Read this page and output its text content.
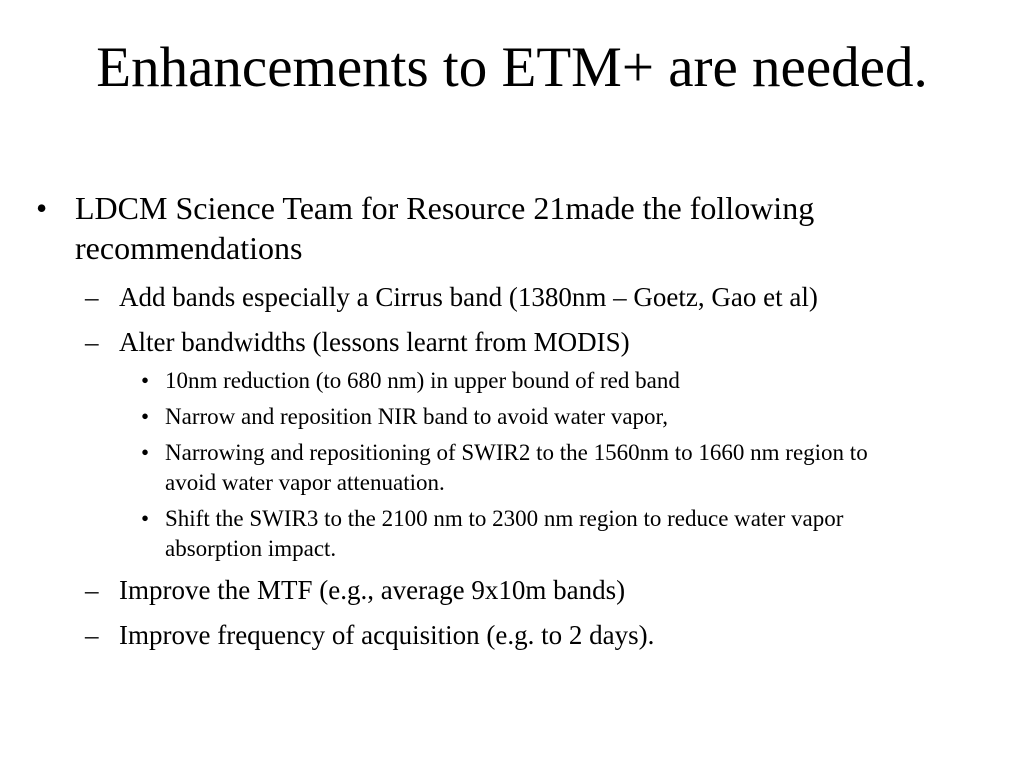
Enhancements to ETM+ are needed.
• LDCM Science Team for Resource 21made the following recommendations
– Add bands especially a Cirrus band (1380nm – Goetz, Gao et al)
– Alter bandwidths (lessons learnt from MODIS)
• 10nm reduction (to 680 nm) in upper bound of red band
• Narrow and reposition NIR band to avoid water vapor,
• Narrowing and repositioning of SWIR2 to the 1560nm to 1660 nm region to avoid water vapor attenuation.
• Shift the SWIR3 to the 2100 nm to 2300 nm region to reduce water vapor absorption impact.
– Improve the MTF (e.g., average 9x10m bands)
– Improve frequency of acquisition (e.g. to 2 days).
